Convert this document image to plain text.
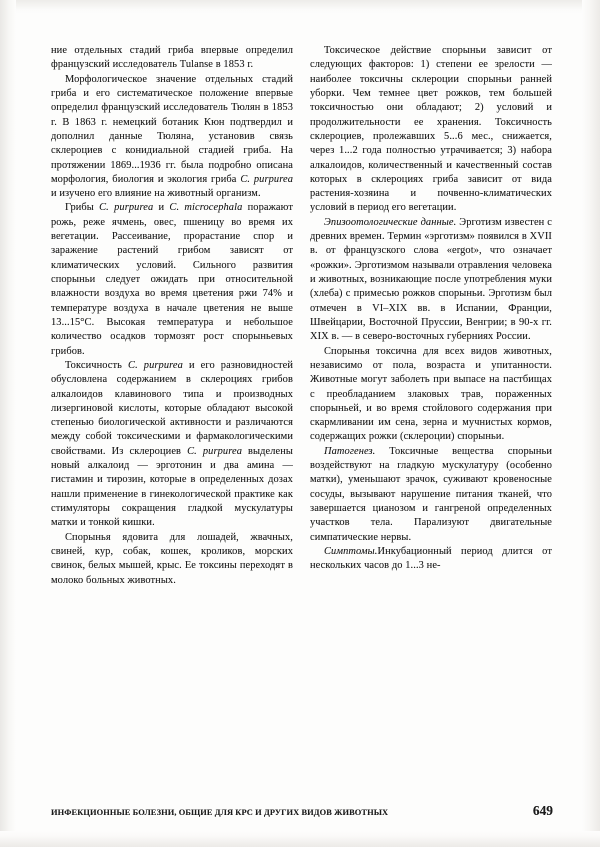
ние отдельных стадий гриба впервые определил французский исследователь Tulanse в 1853 г.

Морфологическое значение отдельных стадий гриба и его систематическое положение впервые определил французский исследователь Тюлян в 1853 г. В 1863 г. немецкий ботаник Кюн подтвердил и дополнил данные Тюляна, установив связь склероциев с конидиальной стадией гриба. На протяжении 1869...1936 гг. была подробно описана морфология, биология и экология гриба C. purpurea и изучено его влияние на животный организм.

Грибы C. purpurea и C. microcephala поражают рожь, реже ячмень, овес, пшеницу во время их вегетации. Рассеивание, прорастание спор и заражение растений грибом зависят от климатических условий. Сильного развития спорыньи следует ожидать при относительной влажности воздуха во время цветения ржи 74% и температуре воздуха в начале цветения не выше 13...15°С. Высокая температура и небольшое количество осадков тормозят рост спорыньевых грибов.

Токсичность C. purpurea и его разновидностей обусловлена содержанием в склероциях грибов алкалоидов клавинового типа и производных лизергиновой кислоты, которые обладают высокой степенью биологической активности и различаются между собой токсическими и фармакологическими свойствами. Из склероциев C. purpurea выделены новый алкалоид — эрготонин и два амина — гистамин и тирозин, которые в определенных дозах нашли применение в гинекологической практике как стимуляторы сокращения гладкой мускулатуры матки и тонкой кишки.

Спорынья ядовита для лошадей, жвачных, свиней, кур, собак, кошек, кроликов, морских свинок, белых мышей, крыс. Ее токсины переходят в молоко больных животных.

Токсическое действие спорыньи зависит от следующих факторов: 1) степени ее зрелости — наиболее токсичны склероции спорыньи ранней уборки. Чем темнее цвет рожков, тем большей токсичностью они обладают; 2) условий и продолжительности ее хранения. Токсичность склероциев, пролежавших 5...6 мес., снижается, через 1...2 года полностью утрачивается; 3) набора алкалоидов, количественный и качественный состав которых в склероциях гриба зависит от вида растения-хозяина и почвенно-климатических условий в период его вегетации.

Эпизоотологические данные. Эрготизм известен с древних времен. Термин «эрготизм» появился в XVII в. от французского слова «ergot», что означает «рожки». Эрготизмом называли отравления человека и животных, возникающие после употребления муки (хлеба) с примесью рожков спорыньи. Эрготизм был отмечен в VI–XIX вв. в Испании, Франции, Швейцарии, Восточной Пруссии, Венгрии; в 90-х гг. XIX в. — в северо-восточных губерниях России.

Спорынья токсична для всех видов животных, независимо от пола, возраста и упитанности. Животные могут заболеть при выпасе на пастбищах с преобладанием злаковых трав, пораженных спорыньей, и во время стойлового содержания при скармливании им сена, зерна и мучнистых кормов, содержащих рожки (склероции) спорыньи.

Патогенез. Токсичные вещества спорыньи воздействуют на гладкую мускулатуру (особенно матки), уменьшают зрачок, суживают кровеносные сосуды, вызывают нарушение питания тканей, что завершается цианозом и гангреной определенных участков тела. Парализуют двигательные симпатические нервы.

Симптомы.Инкубационный период длится от нескольких часов до 1...3 не-

ИНФЕКЦИОННЫЕ БОЛЕЗНИ, ОБЩИЕ ДЛЯ КРС И ДРУГИХ ВИДОВ ЖИВОТНЫХ	649
